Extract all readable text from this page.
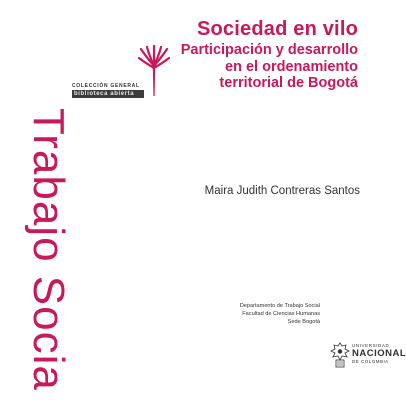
Sociedad en vilo
Participación y desarrollo
en el ordenamiento
territorial de Bogotá
COLECCIÓN GENERAL
biblioteca abierta
Trabajo Socia	Maira Judith Contreras Santos
Departamento de Trabajo Social
Facultad de Ciencias Humanas
Sede Bogotá
UNIVERSIDAD
NACIONAL
DE COLOMBIA
